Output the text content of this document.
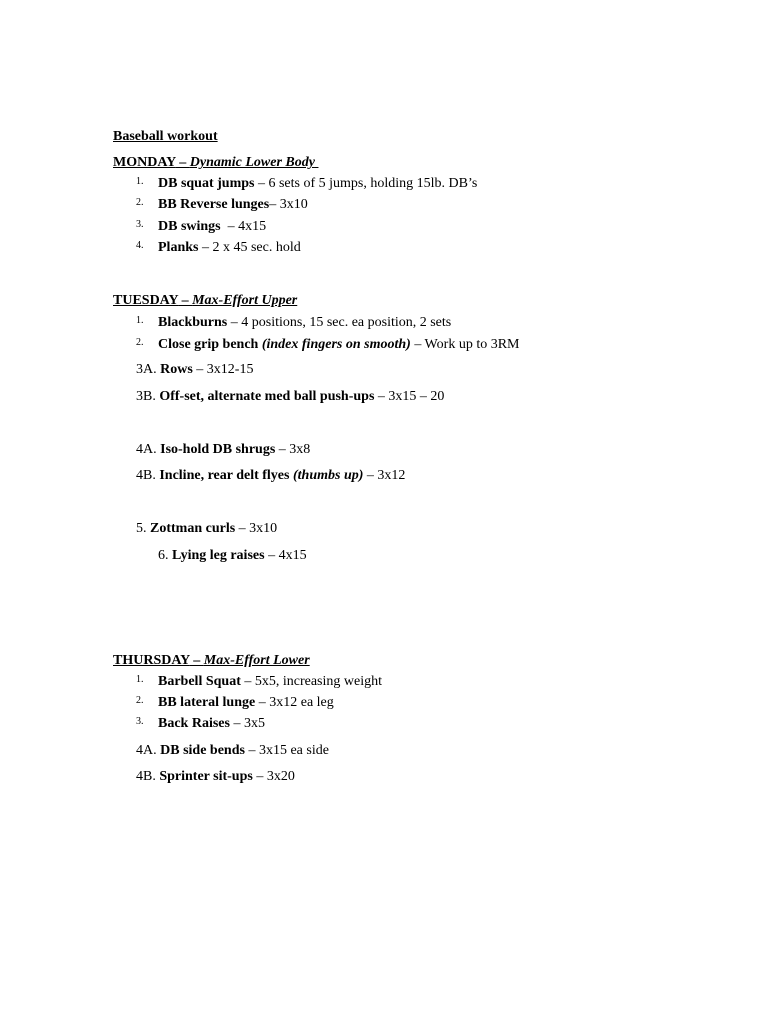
Baseball workout
MONDAY – Dynamic Lower Body
1. DB squat jumps – 6 sets of 5 jumps, holding 15lb. DB’s
2. BB Reverse lunges– 3x10
3. DB swings  – 4x15
4. Planks – 2 x 45 sec. hold
TUESDAY – Max-Effort Upper
1. Blackburns – 4 positions, 15 sec. ea position, 2 sets
2. Close grip bench (index fingers on smooth) – Work up to 3RM
3A. Rows – 3x12-15
3B. Off-set, alternate med ball push-ups – 3x15 – 20
4A. Iso-hold DB shrugs – 3x8
4B. Incline, rear delt flyes (thumbs up) – 3x12
5. Zottman curls – 3x10
6. Lying leg raises – 4x15
THURSDAY – Max-Effort Lower
1. Barbell Squat – 5x5, increasing weight
2. BB lateral lunge – 3x12 ea leg
3. Back Raises – 3x5
4A. DB side bends – 3x15 ea side
4B. Sprinter sit-ups – 3x20
